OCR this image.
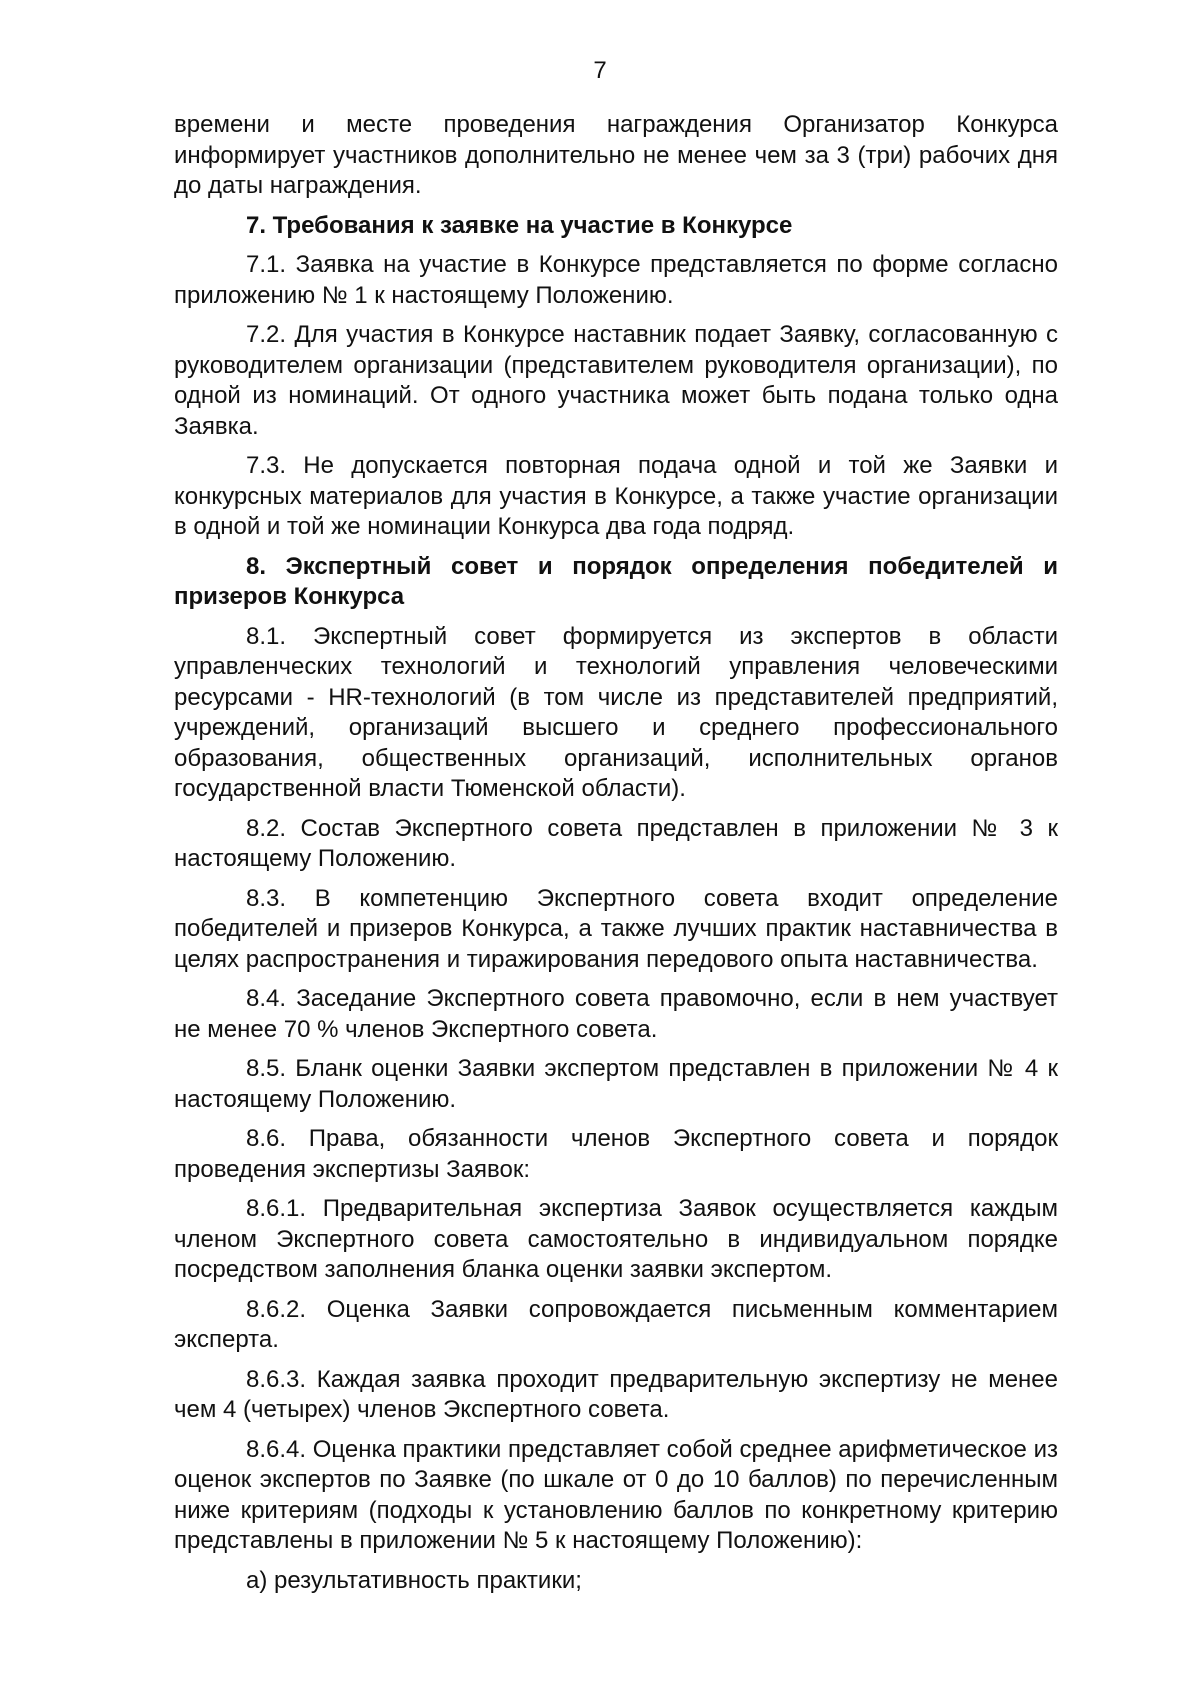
7

времени и месте проведения награждения Организатор Конкурса информирует участников дополнительно не менее чем за 3 (три) рабочих дня до даты награждения.

7. Требования к заявке на участие в Конкурсе

7.1. Заявка на участие в Конкурсе представляется по форме согласно приложению № 1 к настоящему Положению.

7.2. Для участия в Конкурсе наставник подает Заявку, согласованную с руководителем организации (представителем руководителя организации), по одной из номинаций. От одного участника может быть подана только одна Заявка.

7.3. Не допускается повторная подача одной и той же Заявки и конкурсных материалов для участия в Конкурсе, а также участие организации в одной и той же номинации Конкурса два года подряд.

8. Экспертный совет и порядок определения победителей и призеров Конкурса

8.1. Экспертный совет формируется из экспертов в области управленческих технологий и технологий управления человеческими ресурсами - HR-технологий (в том числе из представителей предприятий, учреждений, организаций высшего и среднего профессионального образования, общественных организаций, исполнительных органов государственной власти Тюменской области).

8.2. Состав Экспертного совета представлен в приложении № 3 к настоящему Положению.

8.3. В компетенцию Экспертного совета входит определение победителей и призеров Конкурса, а также лучших практик наставничества в целях распространения и тиражирования передового опыта наставничества.

8.4. Заседание Экспертного совета правомочно, если в нем участвует не менее 70 % членов Экспертного совета.

8.5. Бланк оценки Заявки экспертом представлен в приложении № 4 к настоящему Положению.

8.6. Права, обязанности членов Экспертного совета и порядок проведения экспертизы Заявок:

8.6.1. Предварительная экспертиза Заявок осуществляется каждым членом Экспертного совета самостоятельно в индивидуальном порядке посредством заполнения бланка оценки заявки экспертом.

8.6.2. Оценка Заявки сопровождается письменным комментарием эксперта.

8.6.3. Каждая заявка проходит предварительную экспертизу не менее чем 4 (четырех) членов Экспертного совета.

8.6.4. Оценка практики представляет собой среднее арифметическое из оценок экспертов по Заявке (по шкале от 0 до 10 баллов) по перечисленным ниже критериям (подходы к установлению баллов по конкретному критерию представлены в приложении № 5 к настоящему Положению):

а) результативность практики;
